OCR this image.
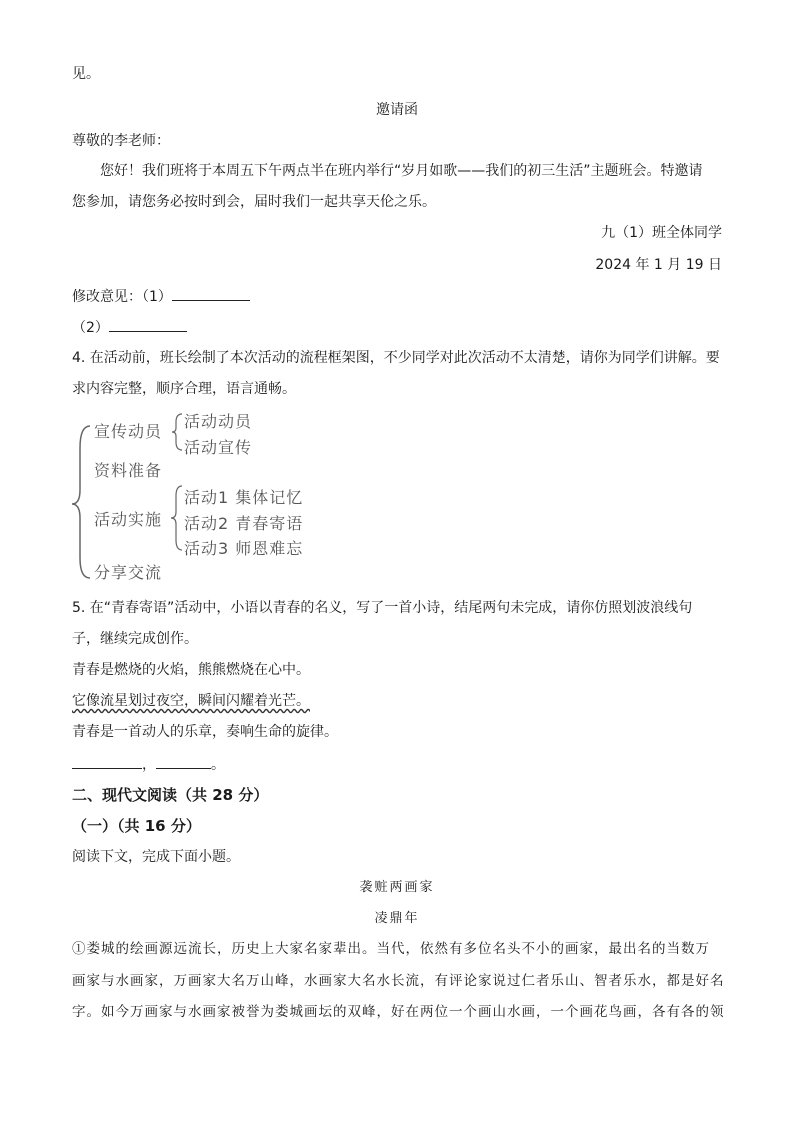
见。
邀请函
尊敬的李老师：
您好！我们班将于本周五下午两点半在班内举行“岁月如歌——我们的初三生活”主题班会。特邀请
您参加，请您务必按时到会，届时我们一起共享天伦之乐。
九（1）班全体同学
2024 年 1 月 19 日
修改意见：（1）
（2）
4. 在活动前，班长绘制了本次活动的流程框架图，不少同学对此次活动不太清楚，请你为同学们讲解。要
求内容完整，顺序合理，语言通畅。
宣传动员
活动动员
活动宣传
资料准备
活动实施
活动1 集体记忆
活动2 青春寄语
活动3 师恩难忘
分享交流
5. 在“青春寄语”活动中，小语以青春的名义，写了一首小诗，结尾两句未完成，请你仿照划波浪线句
子，继续完成创作。
青春是燃烧的火焰，熊熊燃烧在心中。
它像流星划过夜空，瞬间闪耀着光芒。
青春是一首动人的乐章，奏响生命的旋律。
，	。
二、现代文阅读（共 28 分）
（一）（共 16 分）
阅读下文，完成下面小题。
袭赃两画家
凌鼎年
①娄城的绘画源远流长，历史上大家名家辈出。当代，依然有多位名头不小的画家，最出名的当数万
画家与水画家，万画家大名万山峰，水画家大名水长流，有评论家说过仁者乐山、智者乐水，都是好名
字。如今万画家与水画家被誉为娄城画坛的双峰，好在两位一个画山水画，一个画花鸟画，各有各的领
